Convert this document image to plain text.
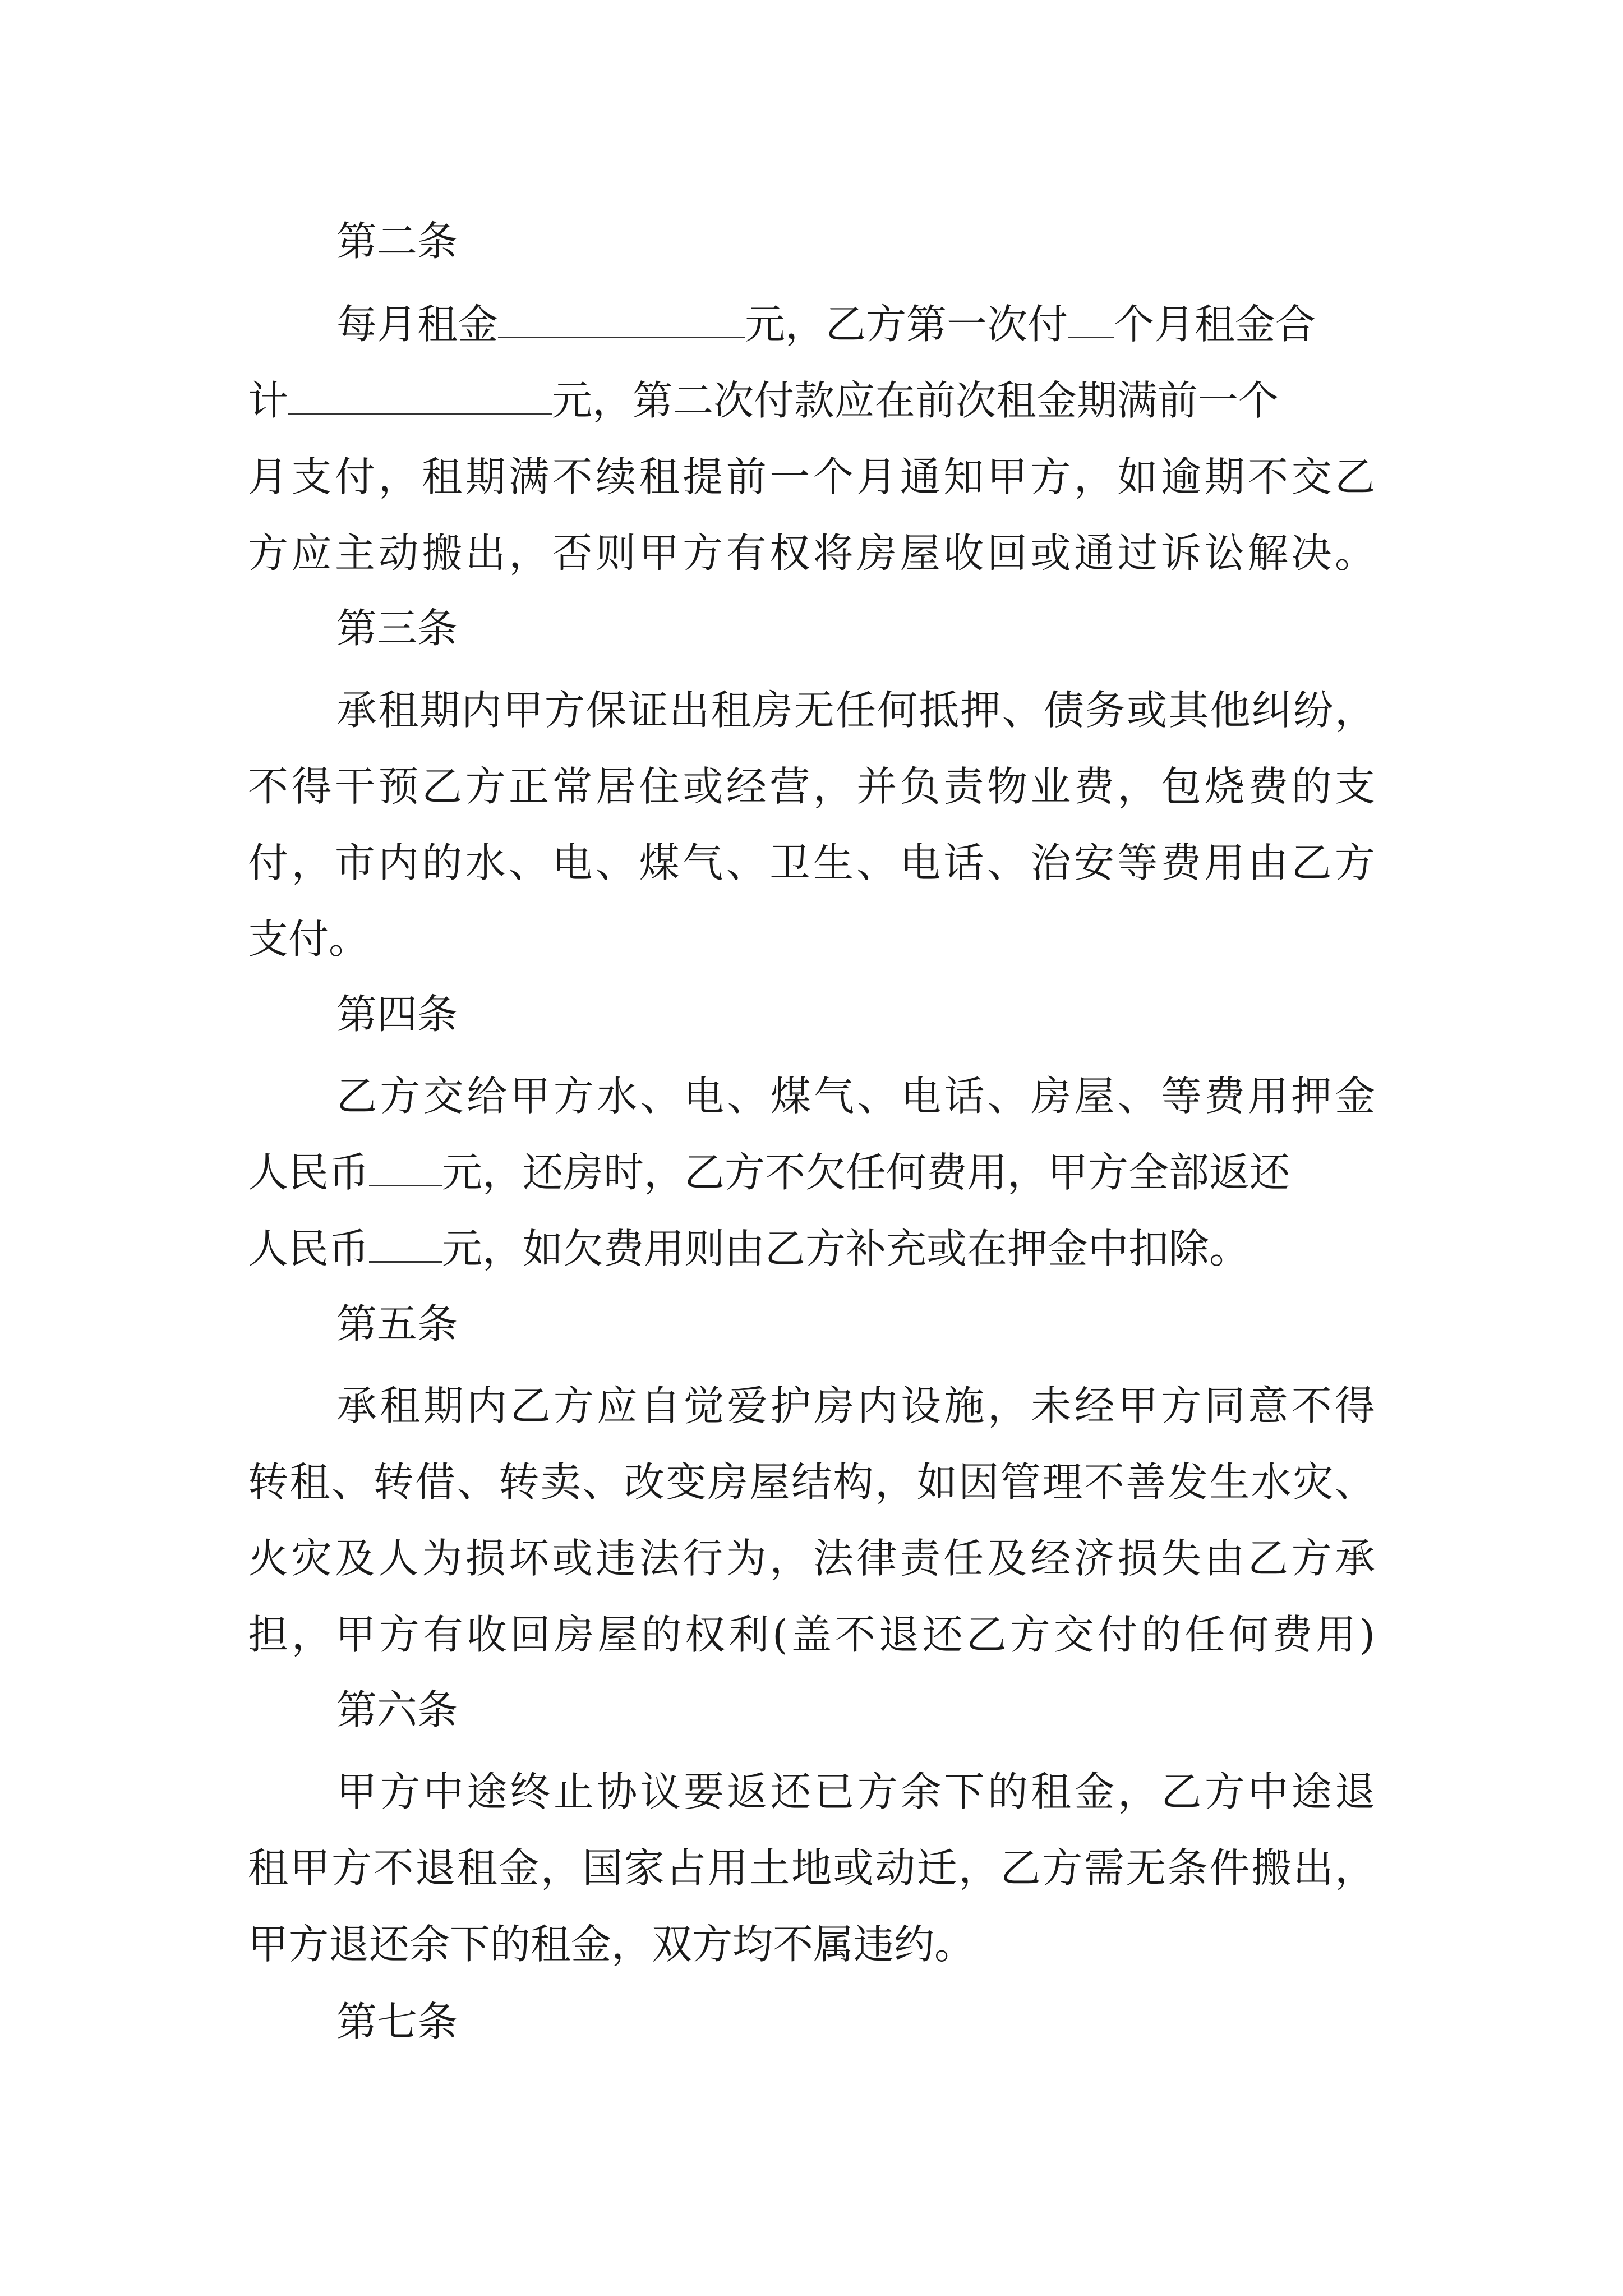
第二条
每月租金	元，乙方第一次付 个月租金合
计	元，第二次付款应在前次租金期满前一个
月支付，租期满不续租提前一个月通知甲方，如逾期不交乙
方应主动搬出，否则甲方有权将房屋收回或通过诉讼解决。
第三条
承租期内甲方保证出租房无任何抵押、债务或其他纠纷，
不得干预乙方正常居住或经营，并负责物业费，包烧费的支
付，市内的水、电、煤气、卫生、电话、治安等费用由乙方
支付。
第四条
乙方交给甲方水、电、煤气、电话、房屋、等费用押金
人民币 元，还房时，乙方不欠任何费用，甲方全部返还
人民币 元，如欠费用则由乙方补充或在押金中扣除。
第五条
承租期内乙方应自觉爱护房内设施，未经甲方同意不得
转租、转借、转卖、改变房屋结构，如因管理不善发生水灾、
火灾及人为损坏或违法行为，法律责任及经济损失由乙方承
担，甲方有收回房屋的权利(盖不退还乙方交付的任何费用)
第六条
甲方中途终止协议要返还已方余下的租金，乙方中途退
租甲方不退租金，国家占用土地或动迁，乙方需无条件搬出，
甲方退还余下的租金，双方均不属违约。
第七条
